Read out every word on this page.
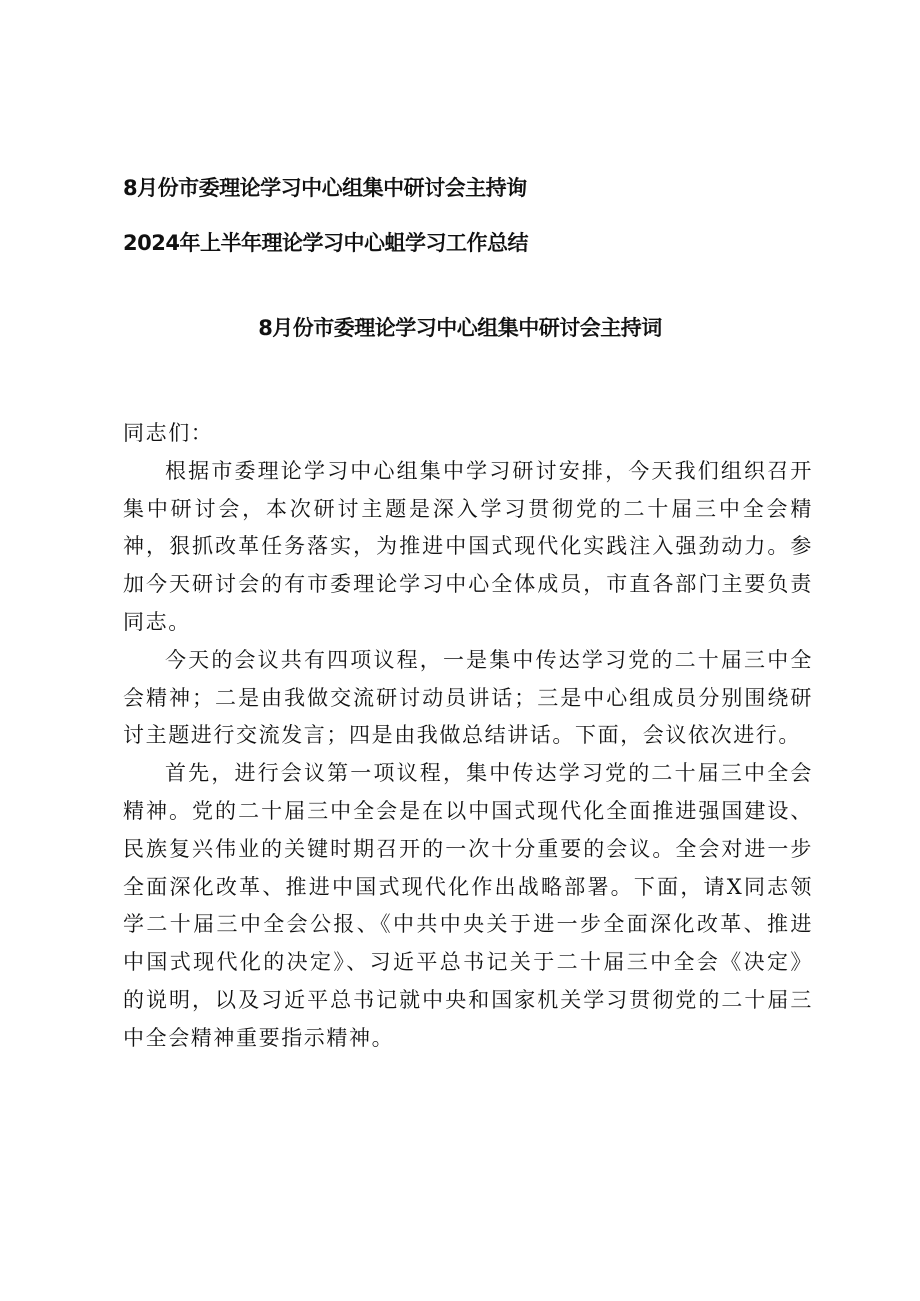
8月份市委理论学习中心组集中研讨会主持询
2024年上半年理论学习中心蛆学习工作总结
8月份市委理论学习中心组集中研讨会主持词

同志们：

根据市委理论学习中心组集中学习研讨安排，今天我们组织召开集中研讨会，本次研讨主题是深入学习贯彻党的二十届三中全会精神，狠抓改革任务落实，为推进中国式现代化实践注入强劲动力。参加今天研讨会的有市委理论学习中心全体成员，市直各部门主要负责同志。

今天的会议共有四项议程，一是集中传达学习党的二十届三中全会精神；二是由我做交流研讨动员讲话；三是中心组成员分别围绕研讨主题进行交流发言；四是由我做总结讲话。下面，会议依次进行。

首先，进行会议第一项议程，集中传达学习党的二十届三中全会精神。党的二十届三中全会是在以中国式现代化全面推进强国建设、民族复兴伟业的关键时期召开的一次十分重要的会议。全会对进一步全面深化改革、推进中国式现代化作出战略部署。下面，请X同志领学二十届三中全会公报、《中共中央关于进一步全面深化改革、推进中国式现代化的决定》、习近平总书记关于二十届三中全会《决定》的说明，以及习近平总书记就中央和国家机关学习贯彻党的二十届三中全会精神重要指示精神。
